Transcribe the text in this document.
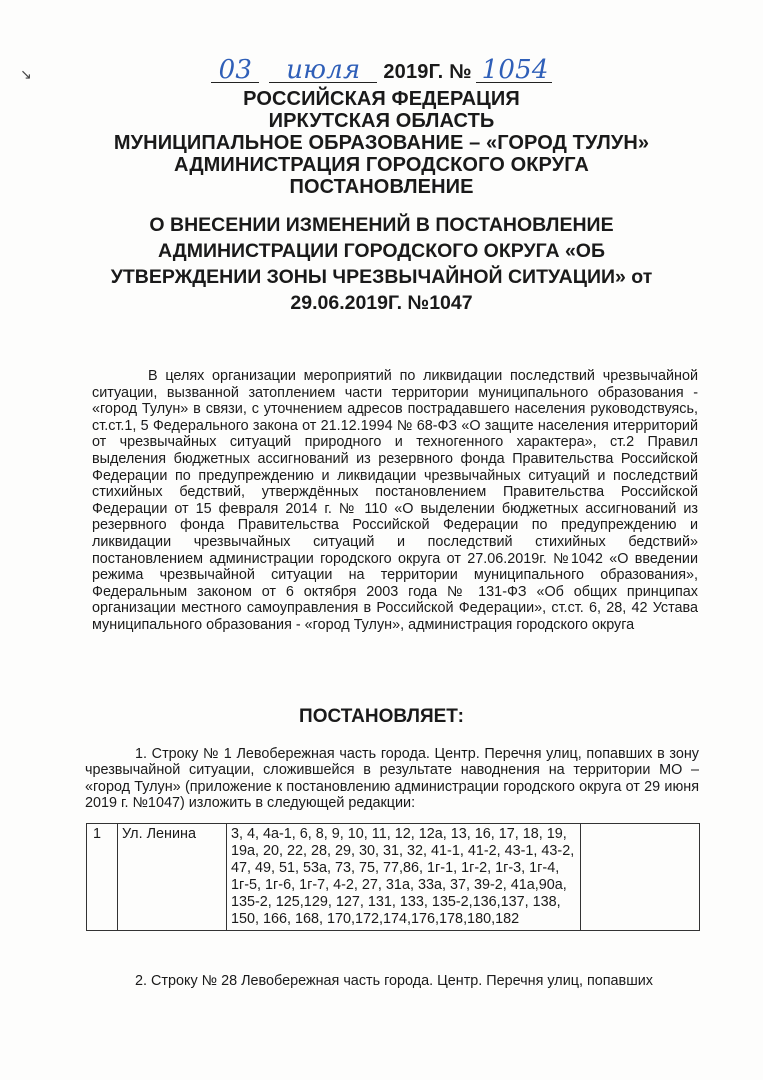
↘	03 июля 2019Г. № 1054
РОССИЙСКАЯ ФЕДЕРАЦИЯ
ИРКУТСКАЯ ОБЛАСТЬ
МУНИЦИПАЛЬНОЕ ОБРАЗОВАНИЕ – «ГОРОД ТУЛУН»
АДМИНИСТРАЦИЯ ГОРОДСКОГО ОКРУГА
ПОСТАНОВЛЕНИЕ
О ВНЕСЕНИИ ИЗМЕНЕНИЙ В ПОСТАНОВЛЕНИЕ
АДМИНИСТРАЦИИ ГОРОДСКОГО ОКРУГА «ОБ
УТВЕРЖДЕНИИ ЗОНЫ ЧРЕЗВЫЧАЙНОЙ СИТУАЦИИ» от
29.06.2019Г. №1047
В целях организации мероприятий по ликвидации последствий чрезвычайной ситуации, вызванной затоплением части территории муниципального образования - «город Тулун» в связи, с уточнением адресов пострадавшего населения руководствуясь, ст.ст.1, 5 Федерального закона от 21.12.1994 № 68-ФЗ «О защите населения итерриторий от чрезвычайных ситуаций природного и техногенного характера», ст.2 Правил выделения бюджетных ассигнований из резервного фонда Правительства Российской Федерации по предупреждению и ликвидации чрезвычайных ситуаций и последствий стихийных бедствий, утверждённых постановлением Правительства Российской Федерации от 15 февраля 2014 г. № 110 «О выделении бюджетных ассигнований из резервного фонда Правительства Российской Федерации по предупреждению и ликвидации чрезвычайных ситуаций и последствий стихийных бедствий» постановлением администрации городского округа от 27.06.2019г. №1042 «О введении режима чрезвычайной ситуации на территории муниципального образования», Федеральным законом от 6 октября 2003 года № 131-ФЗ «Об общих принципах организации местного самоуправления в Российской Федерации», ст.ст. 6, 28, 42 Устава муниципального образования - «город Тулун», администрация городского округа
ПОСТАНОВЛЯЕТ:
1. Строку № 1 Левобережная часть города. Центр. Перечня улиц, попавших в зону чрезвычайной ситуации, сложившейся в результате наводнения на территории МО – «город Тулун» (приложение к постановлению администрации городского округа от 29 июня 2019 г. №1047) изложить в следующей редакции:
1	Ул. Ленина	3, 4, 4а-1, 6, 8, 9, 10, 11, 12, 12а, 13, 16, 17, 18, 19, 19а, 20, 22, 28, 29, 30, 31, 32, 41-1, 41-2, 43-1, 43-2, 47, 49, 51, 53а, 73, 75, 77,86, 1г-1, 1г-2, 1г-3, 1г-4, 1г-5, 1г-6, 1г-7, 4-2, 27, 31а, 33а, 37, 39-2, 41а,90а, 135-2, 125,129, 127, 131, 133, 135-2,136,137, 138, 150, 166, 168, 170,172,174,176,178,180,182	
2. Строку № 28 Левобережная часть города. Центр. Перечня улиц, попавших
